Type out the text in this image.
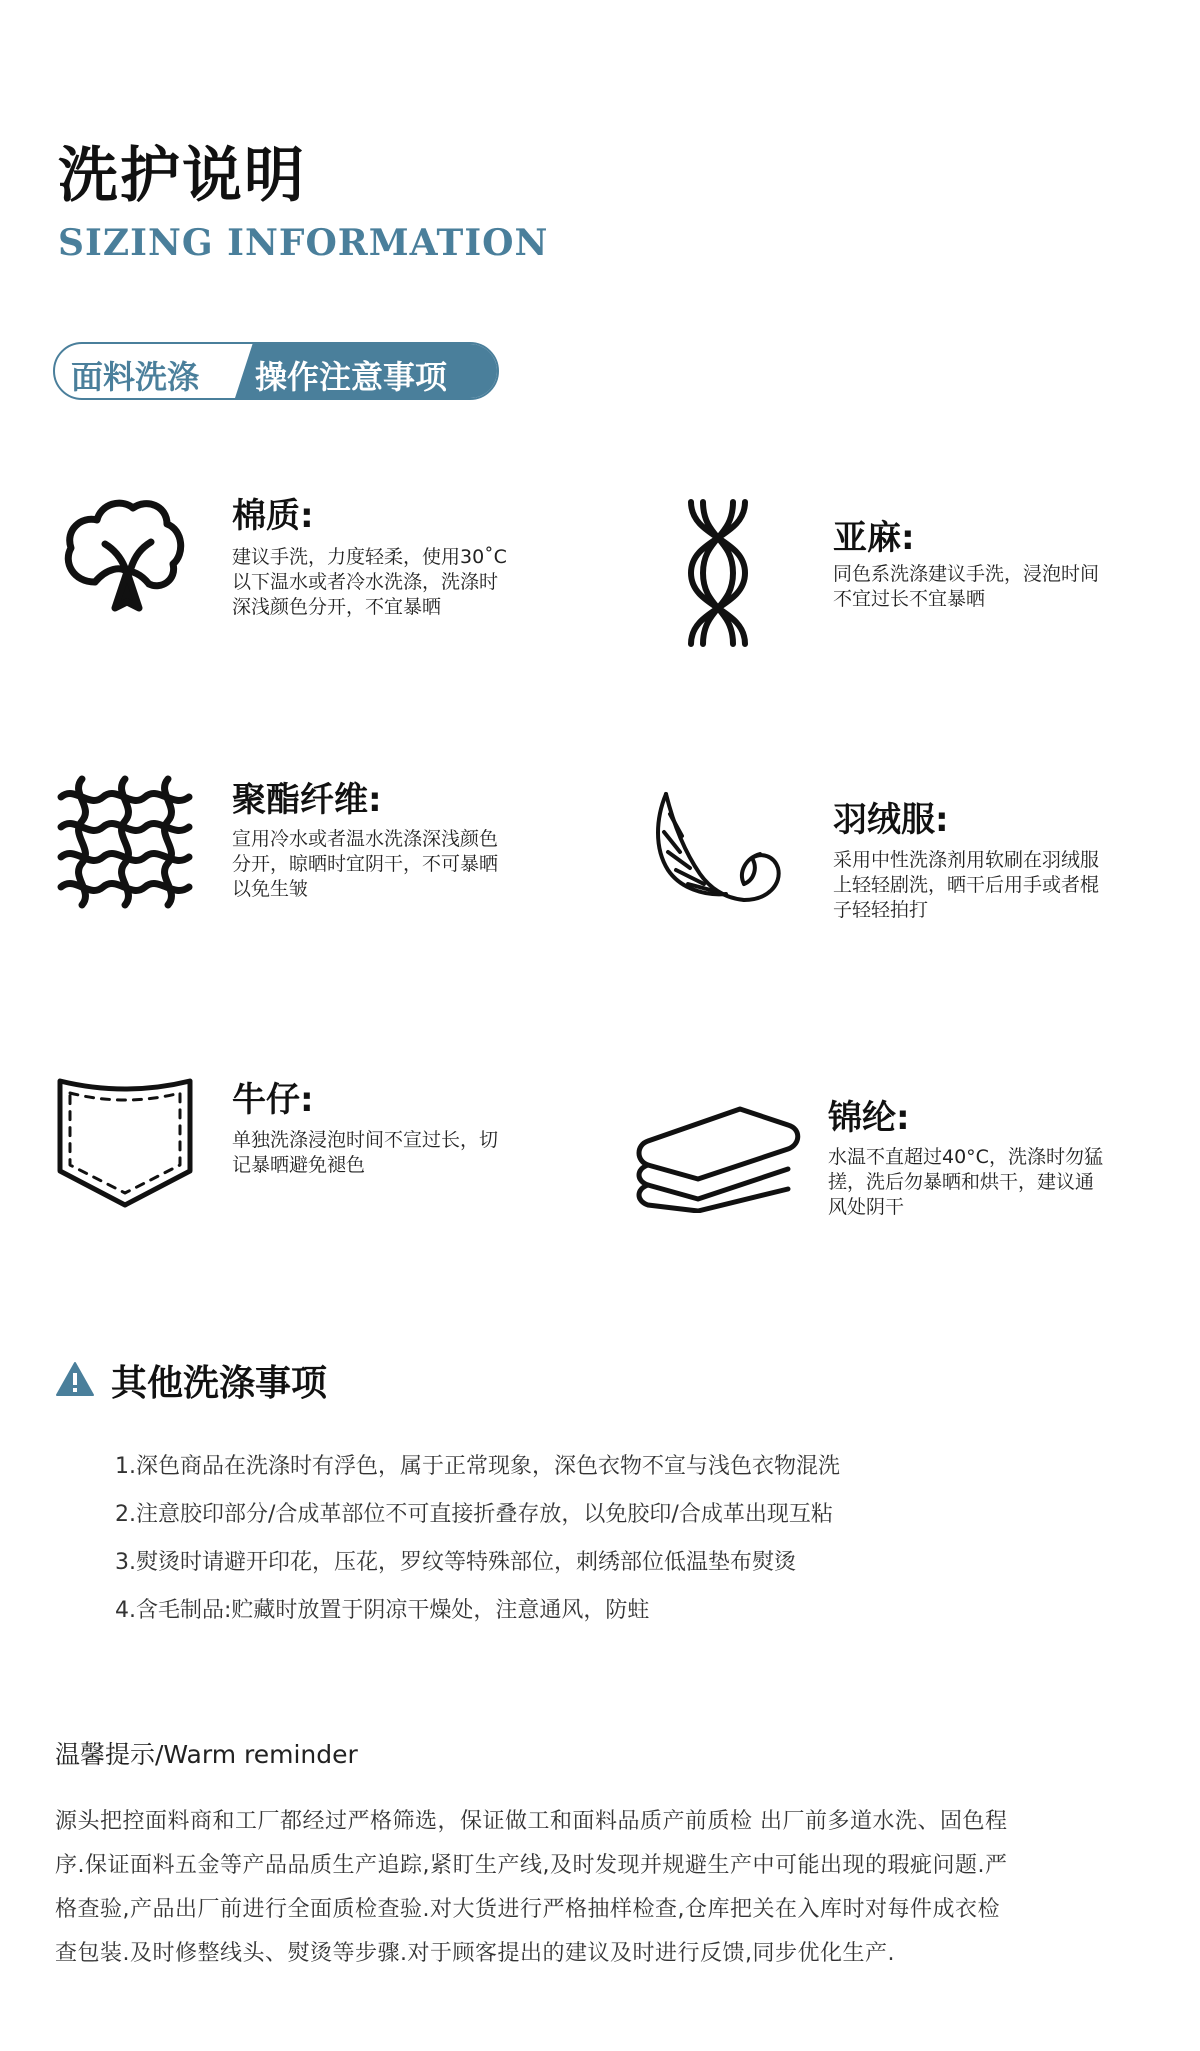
洗护说明
SIZING INFORMATION
面料洗涤 操作注意事项
棉质:
建议手洗，力度轻柔，使用30˚C
以下温水或者冷水洗涤，洗涤时
深浅颜色分开，不宜暴晒
亚麻:
同色系洗涤建议手洗，浸泡时间
不宜过长不宜暴晒
聚酯纤维:
宣用冷水或者温水洗涤深浅颜色
分开，晾晒时宜阴干，不可暴晒
以免生皱
羽绒服:
采用中性洗涤剂用软刷在羽绒服
上轻轻剧洗，晒干后用手或者棍
子轻轻拍打
牛仔:
单独洗涤浸泡时间不宣过长，切
记暴晒避免褪色
锦纶:
水温不直超过40°C，洗涤时勿猛
搓，洗后勿暴晒和烘干，建议通
风处阴干
其他洗涤事项
1.深色商品在洗涤时有浮色，属于正常现象，深色衣物不宣与浅色衣物混洗
2.注意胶印部分/合成革部位不可直接折叠存放，以免胶印/合成革出现互粘
3.熨烫时请避开印花，压花，罗纹等特殊部位，刺绣部位低温垫布熨烫
4.含毛制品:贮藏时放置于阴凉干燥处，注意通风，防蛀
温馨提示/Warm reminder
源头把控面料商和工厂都经过严格筛选，保证做工和面料品质产前质检 出厂前多道水洗、固色程
序.保证面料五金等产品品质生产追踪,紧盯生产线,及时发现并规避生产中可能出现的瑕疵问题.严
格查验,产品出厂前进行全面质检查验.对大货进行严格抽样检查,仓库把关在入库时对每件成衣检
查包装.及时修整线头、熨烫等步骤.对于顾客提出的建议及时进行反馈,同步优化生产.
